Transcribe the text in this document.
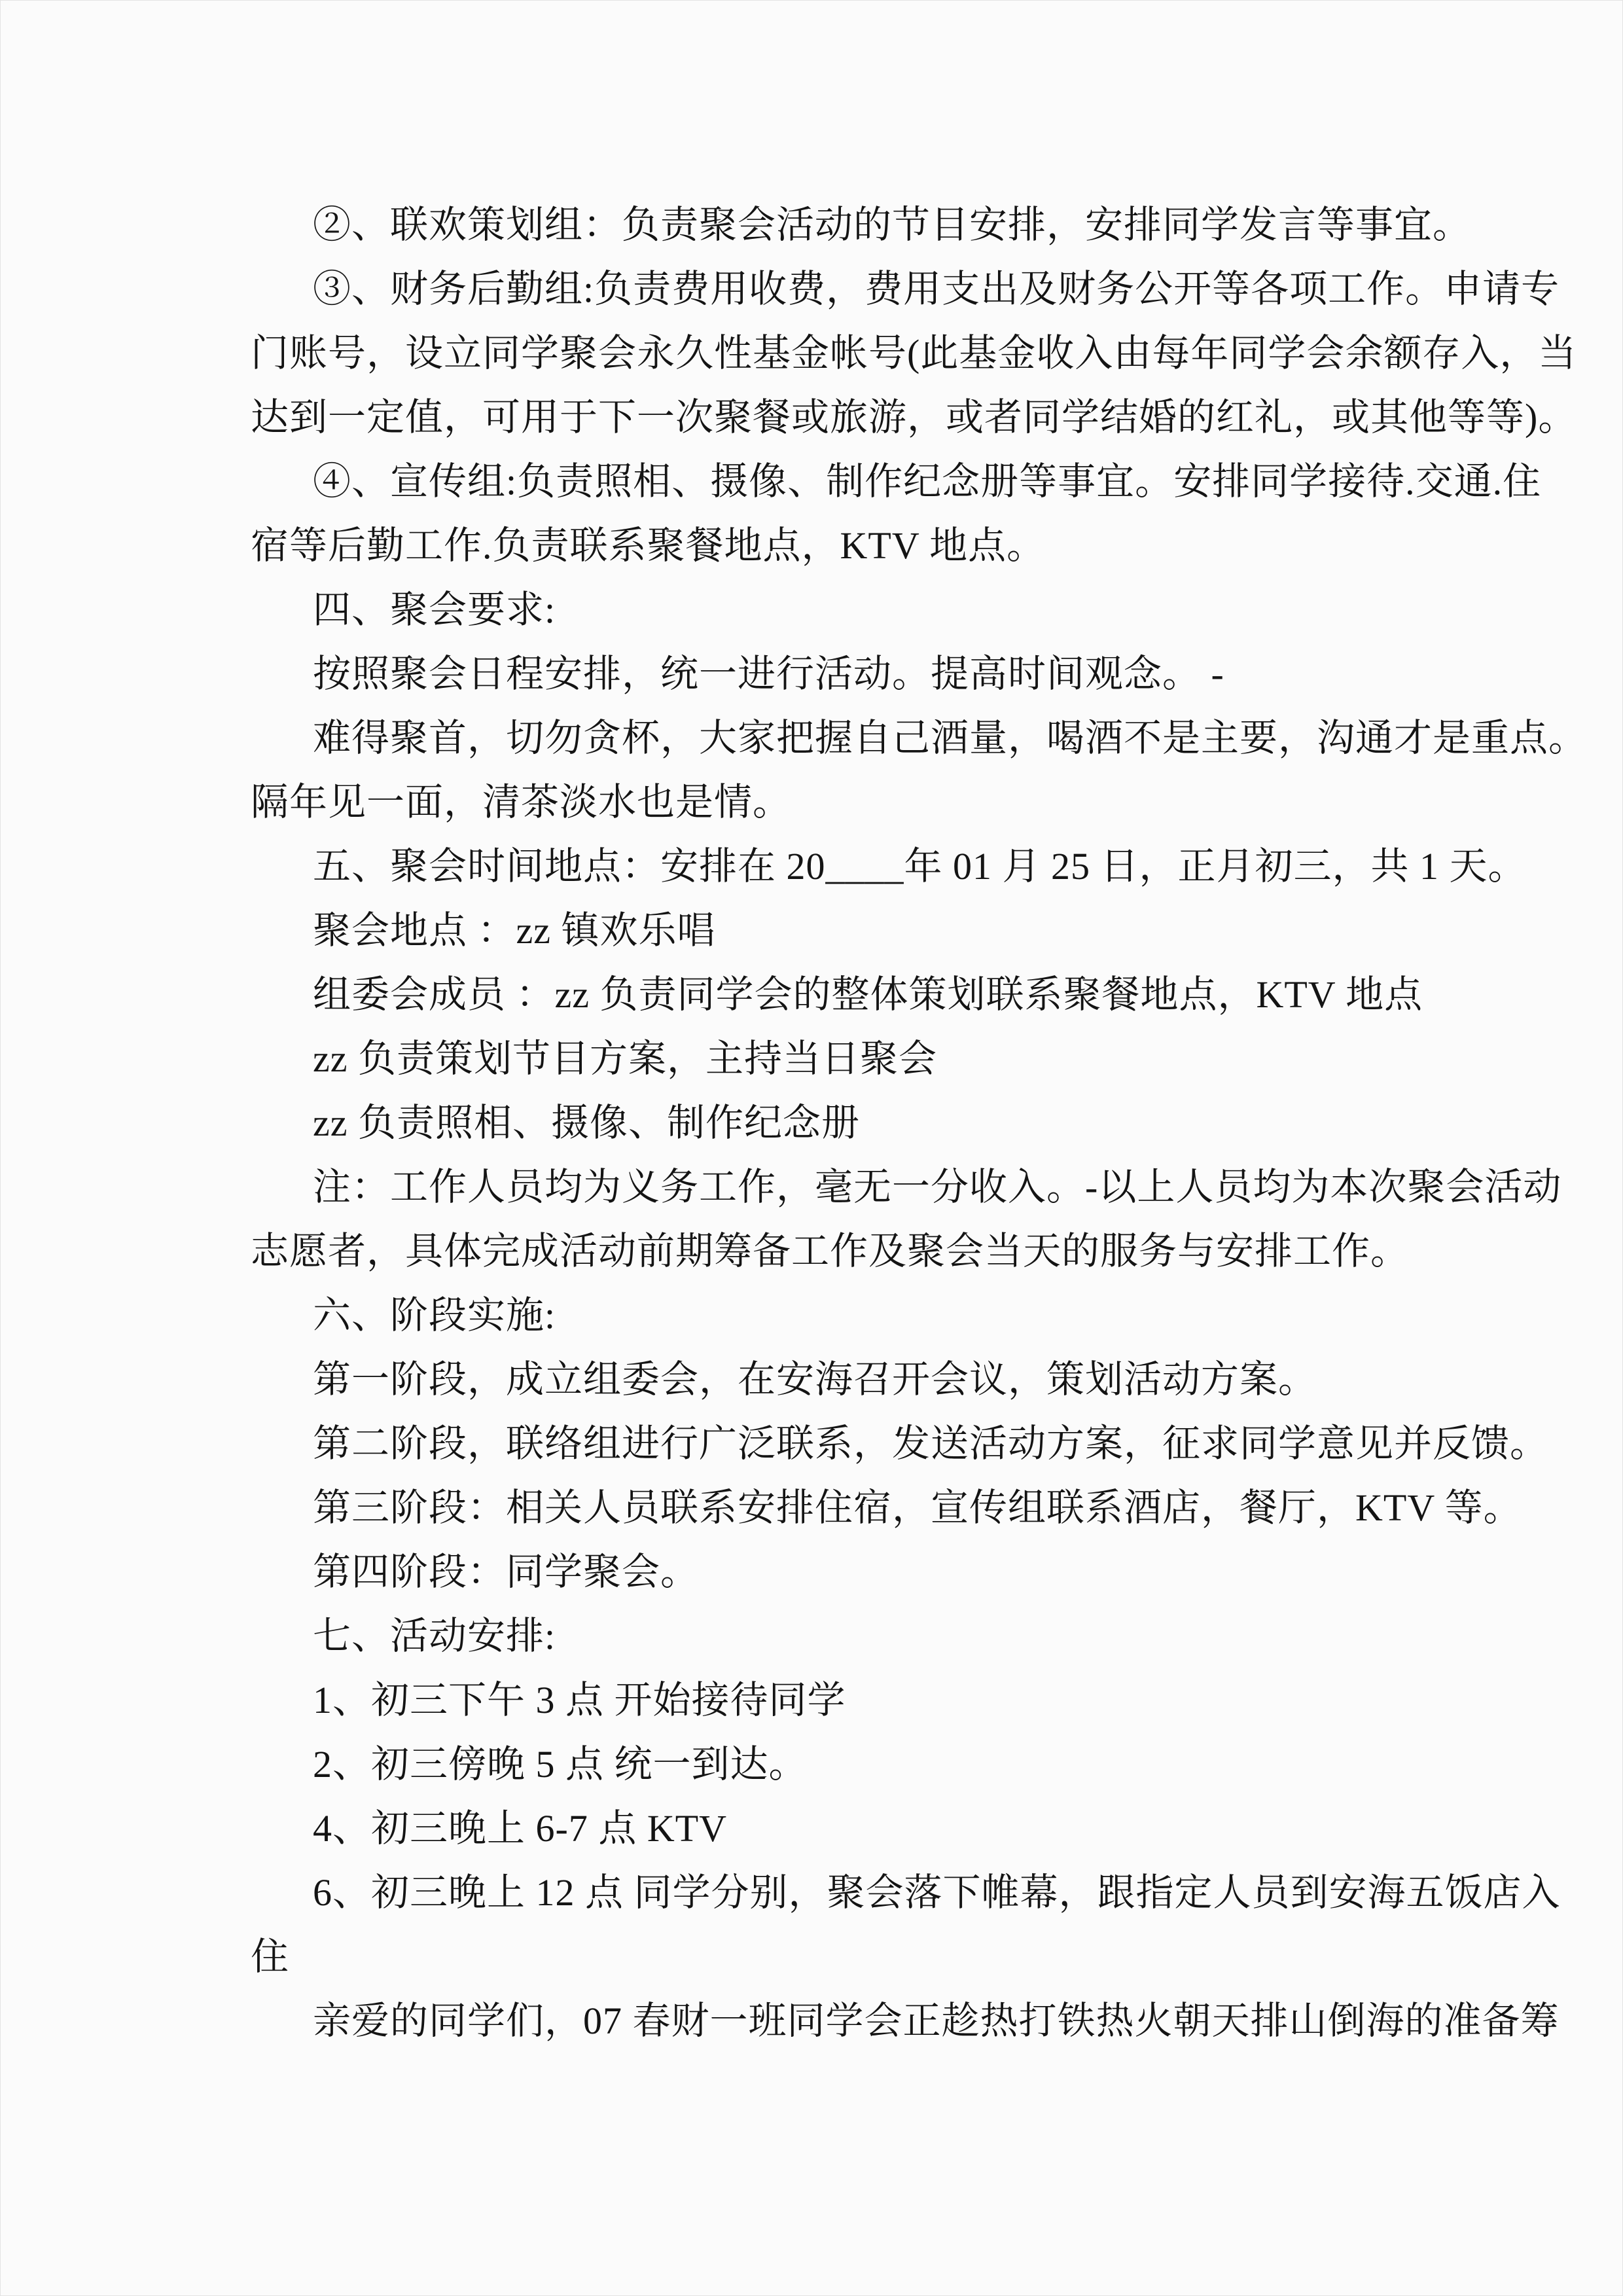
②、联欢策划组：负责聚会活动的节目安排，安排同学发言等事宜。
③、财务后勤组:负责费用收费，费用支出及财务公开等各项工作。申请专
门账号，设立同学聚会永久性基金帐号(此基金收入由每年同学会余额存入，当
达到一定值，可用于下一次聚餐或旅游，或者同学结婚的红礼，或其他等等)。
④、宣传组:负责照相、摄像、制作纪念册等事宜。安排同学接待.交通.住
宿等后勤工作.负责联系聚餐地点，KTV 地点。
四、聚会要求:
按照聚会日程安排，统一进行活动。提高时间观念。 -
难得聚首，切勿贪杯，大家把握自己酒量，喝酒不是主要，沟通才是重点。
隔年见一面，清茶淡水也是情。
五、聚会时间地点：安排在 20____年 01 月 25 日，正月初三，共 1 天。
聚会地点 ：zz 镇欢乐唱
组委会成员 ：zz 负责同学会的整体策划联系聚餐地点，KTV 地点
zz 负责策划节目方案，主持当日聚会
zz 负责照相、摄像、制作纪念册
注：工作人员均为义务工作，毫无一分收入。-以上人员均为本次聚会活动
志愿者，具体完成活动前期筹备工作及聚会当天的服务与安排工作。
六、阶段实施:
第一阶段，成立组委会，在安海召开会议，策划活动方案。
第二阶段，联络组进行广泛联系，发送活动方案，征求同学意见并反馈。
第三阶段：相关人员联系安排住宿，宣传组联系酒店，餐厅，KTV 等。
第四阶段：同学聚会。
七、活动安排:
1、初三下午 3 点 开始接待同学
2、初三傍晚 5 点 统一到达。
4、初三晚上 6-7 点 KTV
6、初三晚上 12 点 同学分别，聚会落下帷幕，跟指定人员到安海五饭店入
住
亲爱的同学们，07 春财一班同学会正趁热打铁热火朝天排山倒海的准备筹
